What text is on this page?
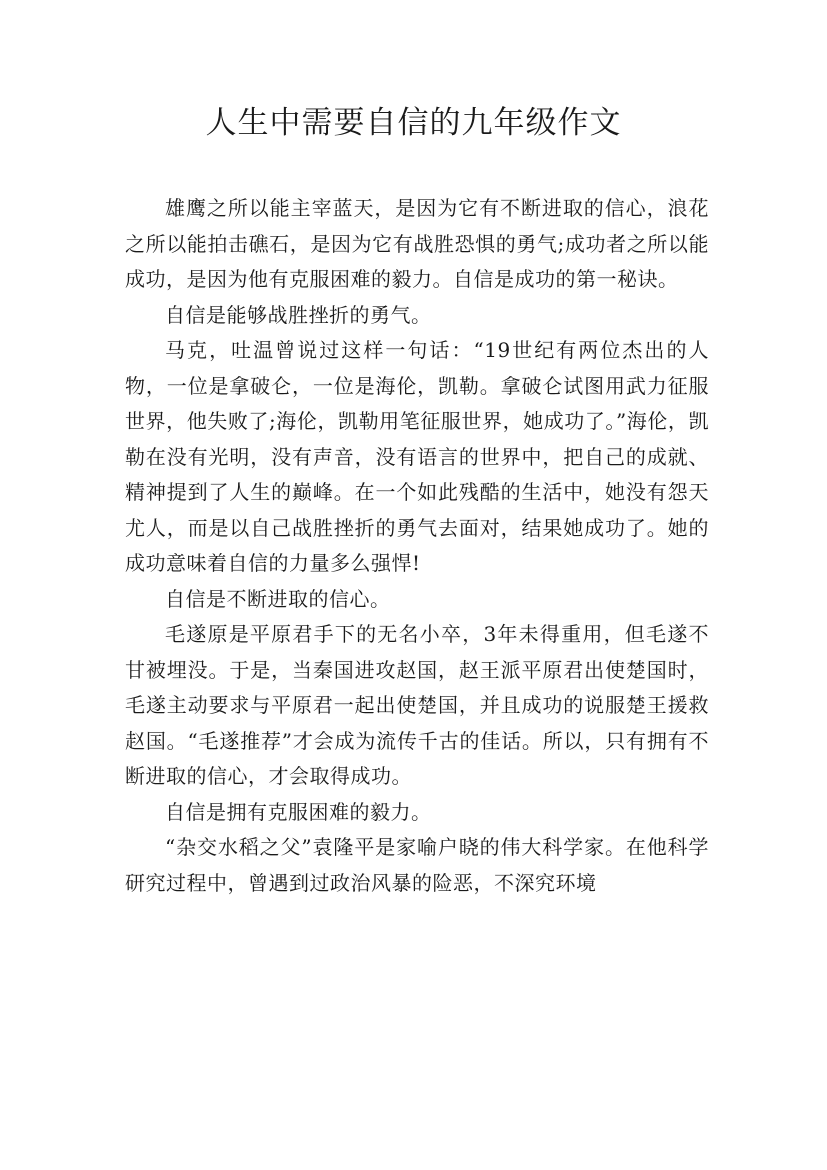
人生中需要自信的九年级作文

雄鹰之所以能主宰蓝天，是因为它有不断进取的信心，浪花之所以能拍击礁石，是因为它有战胜恐惧的勇气;成功者之所以能成功，是因为他有克服困难的毅力。自信是成功的第一秘诀。

自信是能够战胜挫折的勇气。

马克，吐温曾说过这样一句话：“19世纪有两位杰出的人物，一位是拿破仑，一位是海伦，凯勒。拿破仑试图用武力征服世界，他失败了;海伦，凯勒用笔征服世界，她成功了。”海伦，凯勒在没有光明，没有声音，没有语言的世界中，把自己的成就、精神提到了人生的巅峰。在一个如此残酷的生活中，她没有怨天尤人，而是以自己战胜挫折的勇气去面对，结果她成功了。她的成功意味着自信的力量多么强悍!

自信是不断进取的信心。

毛遂原是平原君手下的无名小卒，3年未得重用，但毛遂不甘被埋没。于是，当秦国进攻赵国，赵王派平原君出使楚国时，毛遂主动要求与平原君一起出使楚国，并且成功的说服楚王援救赵国。“毛遂推荐”才会成为流传千古的佳话。所以，只有拥有不断进取的信心，才会取得成功。

自信是拥有克服困难的毅力。

“杂交水稻之父”袁隆平是家喻户晓的伟大科学家。在他科学研究过程中，曾遇到过政治风暴的险恶，不深究环境
